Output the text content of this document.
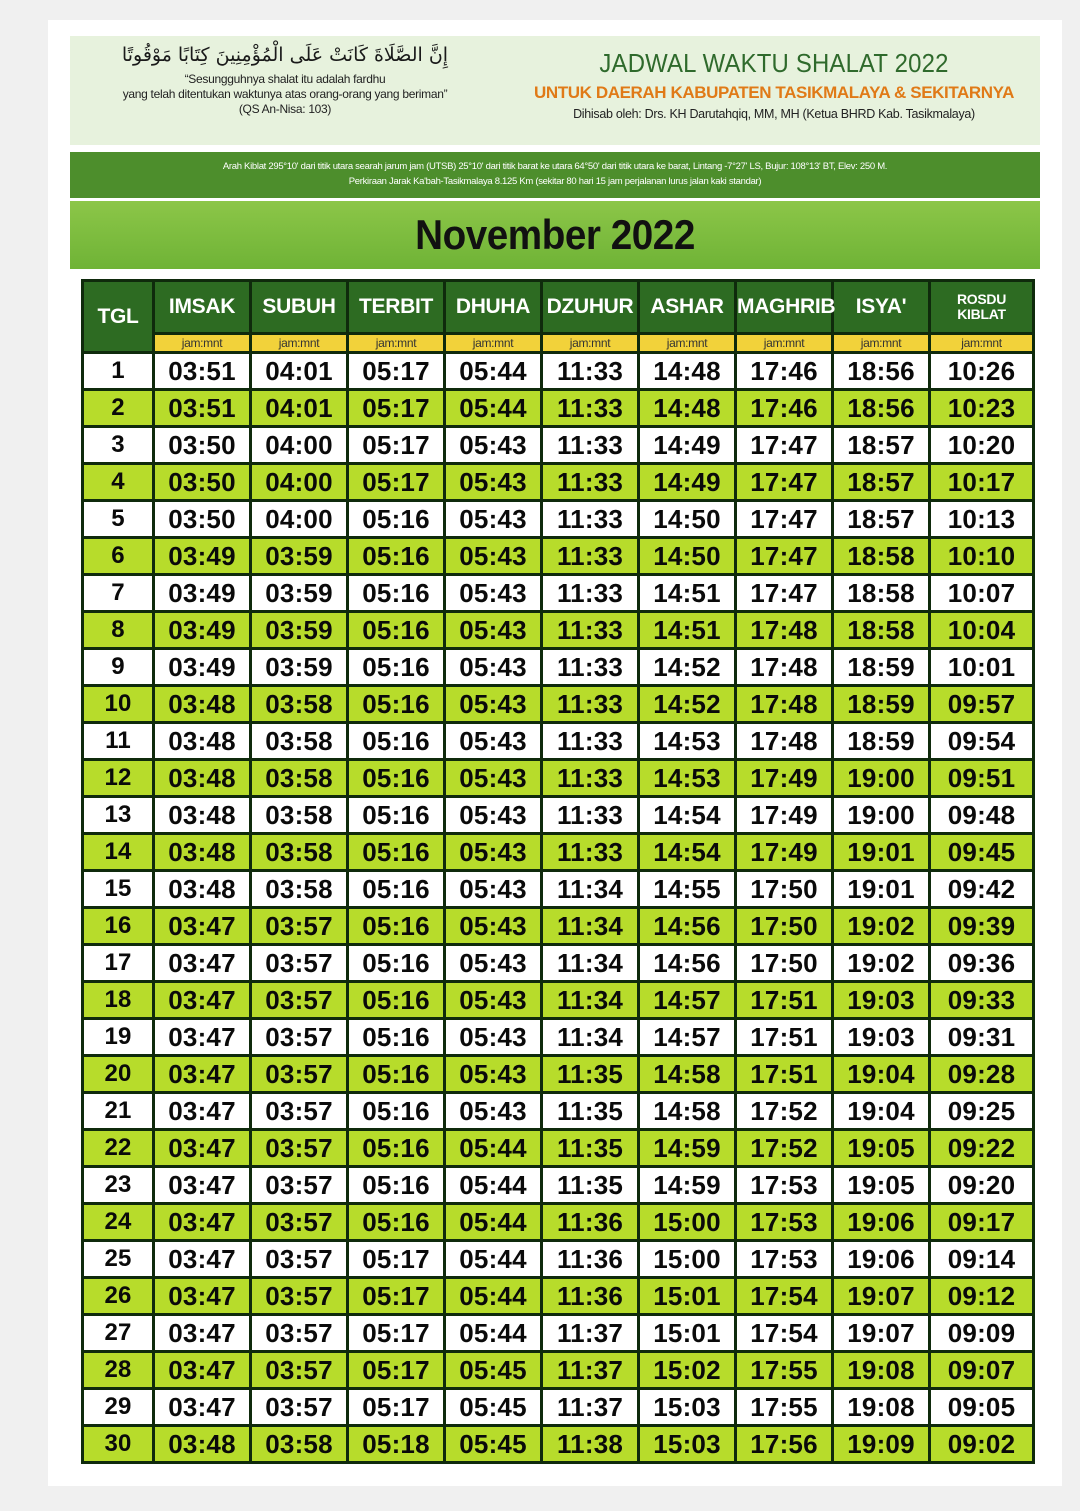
إِنَّ الصَّلَاةَ كَانَتْ عَلَى الْمُؤْمِنِينَ كِتَابًا مَوْقُوتًا
“Sesungguhnya shalat itu adalah fardhu
yang telah ditentukan waktunya atas orang-orang yang beriman”
(QS An-Nisa: 103)
JADWAL WAKTU SHALAT 2022
UNTUK DAERAH KABUPATEN TASIKMALAYA & SEKITARNYA
Dihisab oleh: Drs. KH Darutahqiq, MM, MH (Ketua BHRD Kab. Tasikmalaya)
Arah Kiblat 295°10' dari titik utara searah jarum jam (UTSB) 25°10' dari titik barat ke utara 64°50' dari titik utara ke barat, Lintang -7°27' LS, Bujur: 108°13' BT, Elev: 250 M.
Perkiraan Jarak Ka'bah-Tasikmalaya 8.125 Km (sekitar 80 hari 15 jam perjalanan lurus jalan kaki standar)
November 2022
TGL	IMSAK	SUBUH	TERBIT	DHUHA	DZUHUR	ASHAR	MAGHRIB	ISYA'	ROSDU KIBLAT
	jam:mnt	jam:mnt	jam:mnt	jam:mnt	jam:mnt	jam:mnt	jam:mnt	jam:mnt	jam:mnt
1	03:51	04:01	05:17	05:44	11:33	14:48	17:46	18:56	10:26
2	03:51	04:01	05:17	05:44	11:33	14:48	17:46	18:56	10:23
3	03:50	04:00	05:17	05:43	11:33	14:49	17:47	18:57	10:20
4	03:50	04:00	05:17	05:43	11:33	14:49	17:47	18:57	10:17
5	03:50	04:00	05:16	05:43	11:33	14:50	17:47	18:57	10:13
6	03:49	03:59	05:16	05:43	11:33	14:50	17:47	18:58	10:10
7	03:49	03:59	05:16	05:43	11:33	14:51	17:47	18:58	10:07
8	03:49	03:59	05:16	05:43	11:33	14:51	17:48	18:58	10:04
9	03:49	03:59	05:16	05:43	11:33	14:52	17:48	18:59	10:01
10	03:48	03:58	05:16	05:43	11:33	14:52	17:48	18:59	09:57
11	03:48	03:58	05:16	05:43	11:33	14:53	17:48	18:59	09:54
12	03:48	03:58	05:16	05:43	11:33	14:53	17:49	19:00	09:51
13	03:48	03:58	05:16	05:43	11:33	14:54	17:49	19:00	09:48
14	03:48	03:58	05:16	05:43	11:33	14:54	17:49	19:01	09:45
15	03:48	03:58	05:16	05:43	11:34	14:55	17:50	19:01	09:42
16	03:47	03:57	05:16	05:43	11:34	14:56	17:50	19:02	09:39
17	03:47	03:57	05:16	05:43	11:34	14:56	17:50	19:02	09:36
18	03:47	03:57	05:16	05:43	11:34	14:57	17:51	19:03	09:33
19	03:47	03:57	05:16	05:43	11:34	14:57	17:51	19:03	09:31
20	03:47	03:57	05:16	05:43	11:35	14:58	17:51	19:04	09:28
21	03:47	03:57	05:16	05:43	11:35	14:58	17:52	19:04	09:25
22	03:47	03:57	05:16	05:44	11:35	14:59	17:52	19:05	09:22
23	03:47	03:57	05:16	05:44	11:35	14:59	17:53	19:05	09:20
24	03:47	03:57	05:16	05:44	11:36	15:00	17:53	19:06	09:17
25	03:47	03:57	05:17	05:44	11:36	15:00	17:53	19:06	09:14
26	03:47	03:57	05:17	05:44	11:36	15:01	17:54	19:07	09:12
27	03:47	03:57	05:17	05:44	11:37	15:01	17:54	19:07	09:09
28	03:47	03:57	05:17	05:45	11:37	15:02	17:55	19:08	09:07
29	03:47	03:57	05:17	05:45	11:37	15:03	17:55	19:08	09:05
30	03:48	03:58	05:18	05:45	11:38	15:03	17:56	19:09	09:02
